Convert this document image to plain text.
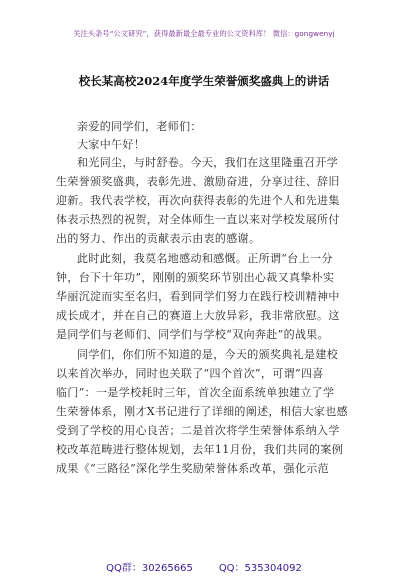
关注头条号“公文研究”，获得最新最全最专业的公文资料库！ 微信：gongwenyj
校长某高校2024年度学生荣誉颁奖盛典上的讲话
亲爱的同学们，老师们：
大家中午好！
和光同尘，与时舒卷。今天，我们在这里隆重召开学
生荣誉颁奖盛典，表彰先进、激励奋进，分享过往、辞旧
迎新。我代表学校，再次向获得表彰的先进个人和先进集
体表示热烈的祝贺，对全体师生一直以来对学校发展所付
出的努力、作出的贡献表示由衷的感谢。
此时此刻，我莫名地感动和感慨。正所谓“台上一分
钟，台下十年功”，刚刚的颁奖环节别出心裁又真挚朴实
华丽沉淀而实至名归，看到同学们努力在践行校训精神中
成长成才，并在自己的赛道上大放异彩，我非常欣慰。这
是同学们与老师们、同学们与学校“双向奔赴”的战果。
同学们，你们所不知道的是，今天的颁奖典礼是建校
以来首次举办，同时也关联了“四个首次”，可谓“四喜
临门”：一是学校耗时三年，首次全面系统单独建立了学
生荣誉体系，刚才X书记进行了详细的阐述，相信大家也感
受到了学校的用心良苦；二是首次将学生荣誉体系纳入学
校改革范畴进行整体规划，去年11月份，我们共同的案例
成果《“三路径”深化学生奖励荣誉体系改革，强化示范
QQ群：30265665	QQ：535304092
